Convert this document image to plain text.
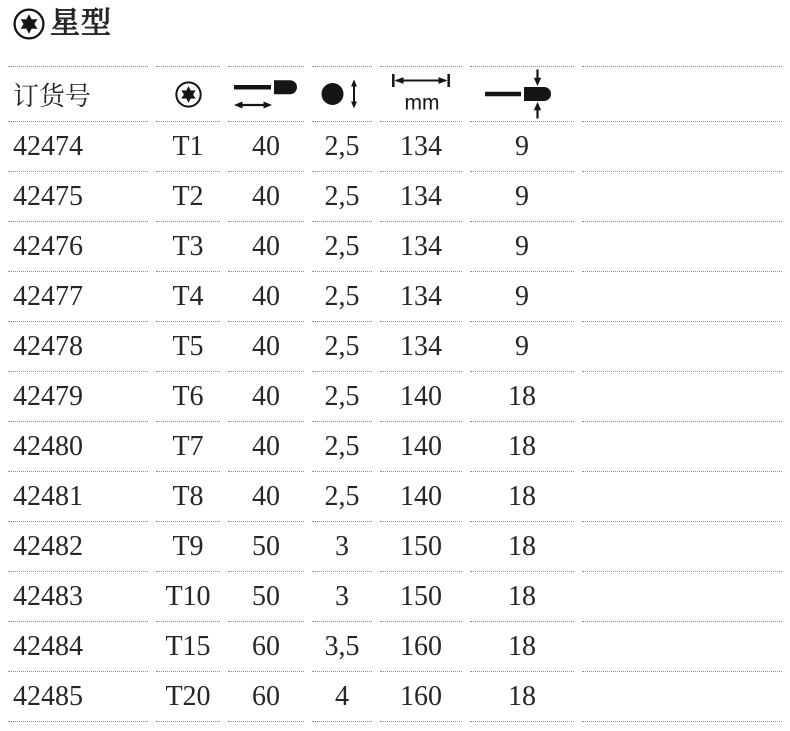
星型
订货号				mm

42474	T1	40	2,5	134	9	
42475	T2	40	2,5	134	9	
42476	T3	40	2,5	134	9	
42477	T4	40	2,5	134	9	
42478	T5	40	2,5	134	9	
42479	T6	40	2,5	140	18	
42480	T7	40	2,5	140	18	
42481	T8	40	2,5	140	18	
42482	T9	50	3	150	18	
42483	T10	50	3	150	18	
42484	T15	60	3,5	160	18	
42485	T20	60	4	160	18	
